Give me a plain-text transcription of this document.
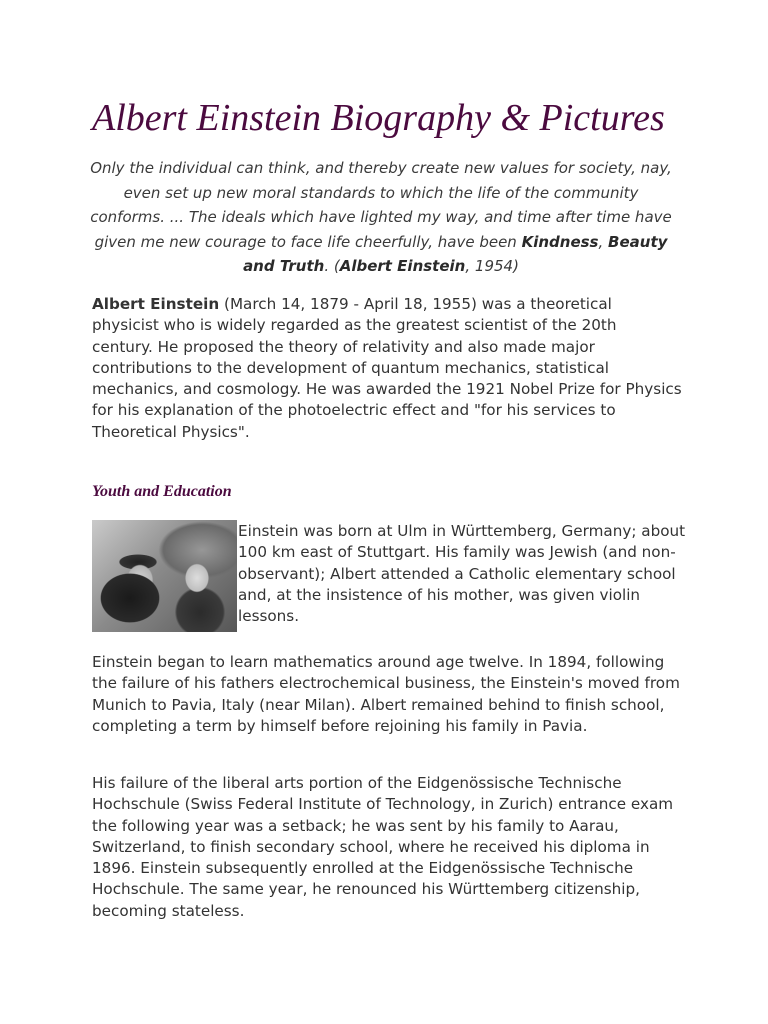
Albert Einstein Biography & Pictures

Only the individual can think, and thereby create new values for society, nay, even set up new moral standards to which the life of the community conforms. ... The ideals which have lighted my way, and time after time have given me new courage to face life cheerfully, have been Kindness, Beauty and Truth. (Albert Einstein, 1954)

Albert Einstein (March 14, 1879 - April 18, 1955) was a theoretical physicist who is widely regarded as the greatest scientist of the 20th century. He proposed the theory of relativity and also made major contributions to the development of quantum mechanics, statistical mechanics, and cosmology. He was awarded the 1921 Nobel Prize for Physics for his explanation of the photoelectric effect and "for his services to Theoretical Physics".

Youth and Education

Einstein was born at Ulm in Württemberg, Germany; about 100 km east of Stuttgart. His family was Jewish (and non-observant); Albert attended a Catholic elementary school and, at the insistence of his mother, was given violin lessons.

Einstein began to learn mathematics around age twelve. In 1894, following the failure of his fathers electrochemical business, the Einstein's moved from Munich to Pavia, Italy (near Milan). Albert remained behind to finish school, completing a term by himself before rejoining his family in Pavia.

His failure of the liberal arts portion of the Eidgenössische Technische Hochschule (Swiss Federal Institute of Technology, in Zurich) entrance exam the following year was a setback; he was sent by his family to Aarau, Switzerland, to finish secondary school, where he received his diploma in 1896. Einstein subsequently enrolled at the Eidgenössische Technische Hochschule. The same year, he renounced his Württemberg citizenship, becoming stateless.
